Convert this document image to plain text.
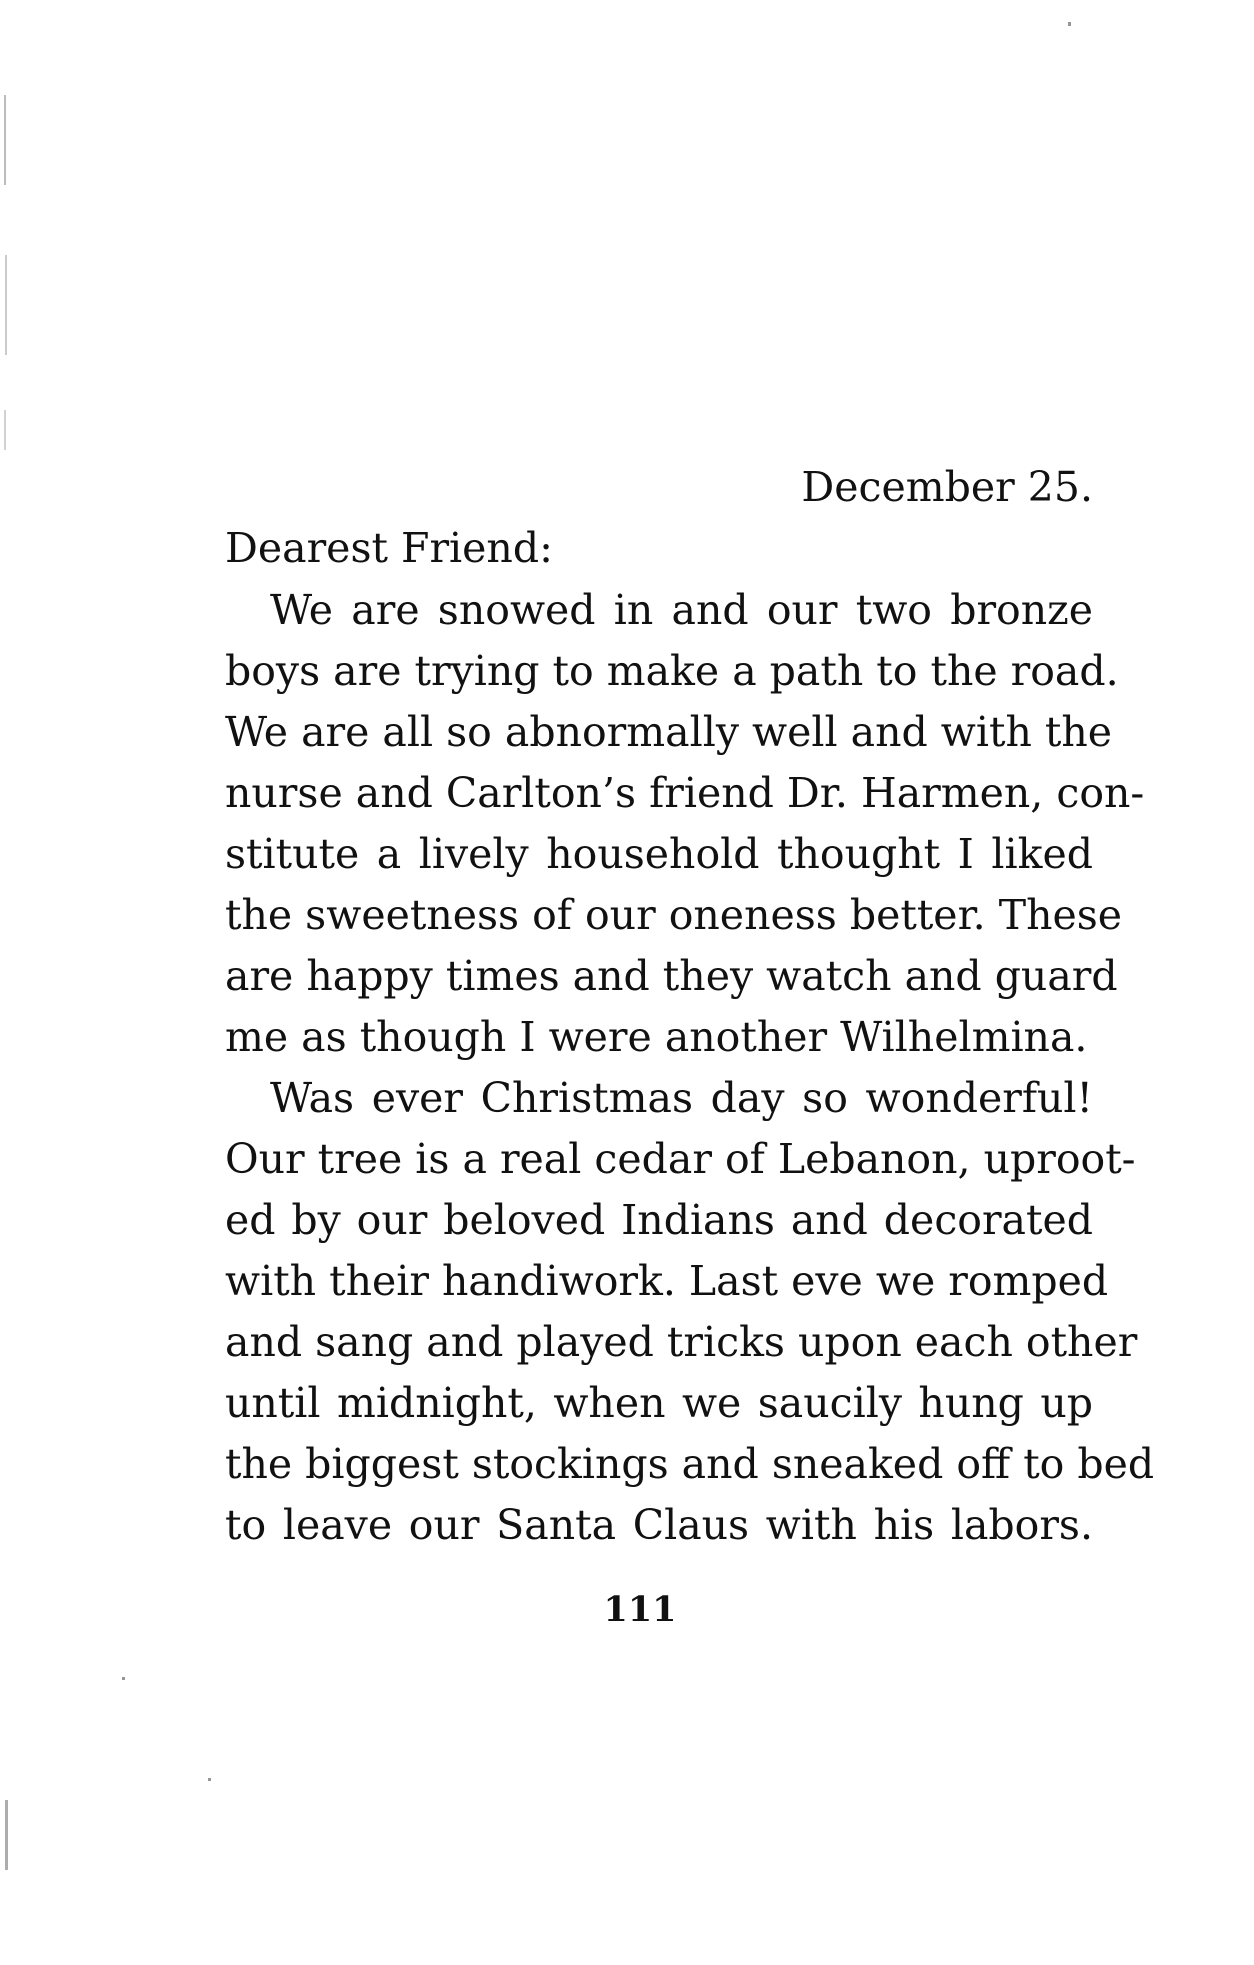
December 25.
Dearest Friend:
We are snowed in and our two bronze
boys are trying to make a path to the road.
We are all so abnormally well and with the
nurse and Carlton’s friend Dr. Harmen, con-
stitute a lively household thought I liked
the sweetness of our oneness better. These
are happy times and they watch and guard
me as though I were another Wilhelmina.
Was ever Christmas day so wonderful!
Our tree is a real cedar of Lebanon, uproot-
ed by our beloved Indians and decorated
with their handiwork. Last eve we romped
and sang and played tricks upon each other
until midnight, when we saucily hung up
the biggest stockings and sneaked off to bed
to leave our Santa Claus with his labors.
111
